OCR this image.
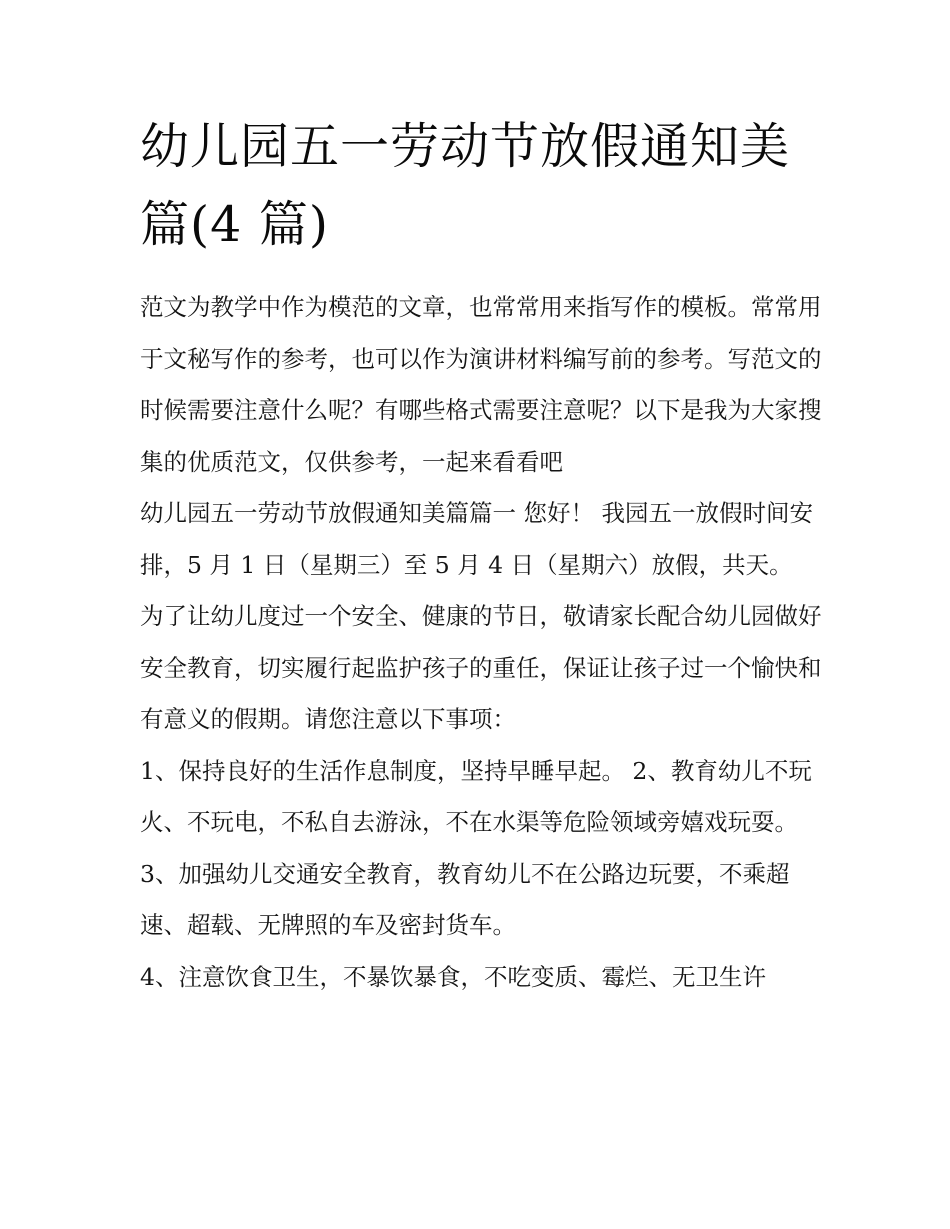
幼儿园五一劳动节放假通知美
篇(4 篇)

范文为教学中作为模范的文章，也常常用来指写作的模板。常常用于文秘写作的参考，也可以作为演讲材料编写前的参考。写范文的时候需要注意什么呢？有哪些格式需要注意呢？以下是我为大家搜集的优质范文，仅供参考，一起来看看吧

幼儿园五一劳动节放假通知美篇篇一 您好！ 我园五一放假时间安排，5 月 1 日（星期三）至 5 月 4 日（星期六）放假，共天。

为了让幼儿度过一个安全、健康的节日，敬请家长配合幼儿园做好安全教育，切实履行起监护孩子的重任，保证让孩子过一个愉快和有意义的假期。请您注意以下事项：

1、保持良好的生活作息制度，坚持早睡早起。 2、教育幼儿不玩火、不玩电，不私自去游泳，不在水渠等危险领域旁嬉戏玩耍。

3、加强幼儿交通安全教育，教育幼儿不在公路边玩要，不乘超速、超载、无牌照的车及密封货车。

4、注意饮食卫生，不暴饮暴食，不吃变质、霉烂、无卫生许
